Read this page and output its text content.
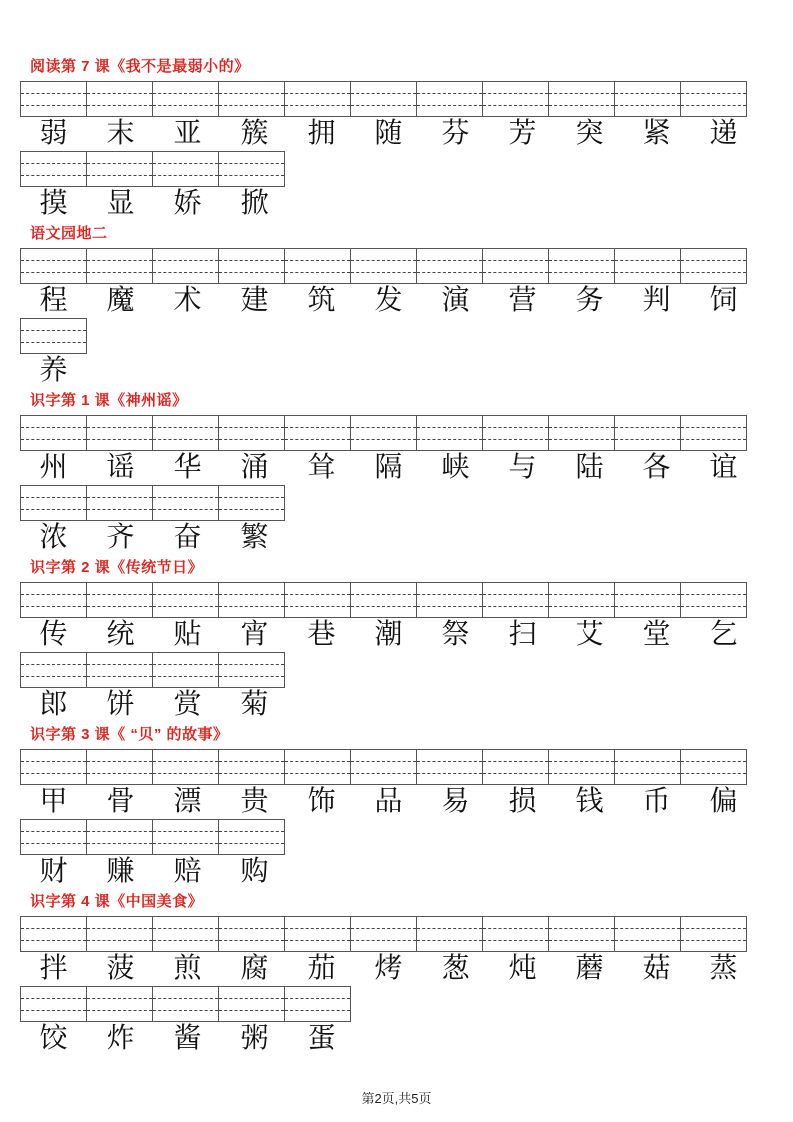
阅读第 7 课《我不是最弱小的》
弱	末	亚	簇	拥	随	芬	芳	突	紧	递
摸	显	娇	掀
语文园地二
程	魔	术	建	筑	发	演	营	务	判	饲
养
识字第 1 课《神州谣》
州	谣	华	涌	耸	隔	峡	与	陆	各	谊
浓	齐	奋	繁
识字第 2 课《传统节日》
传	统	贴	宵	巷	潮	祭	扫	艾	堂	乞
郎	饼	赏	菊
识字第 3 课《 “贝” 的故事》
甲	骨	漂	贵	饰	品	易	损	钱	币	偏
财	赚	赔	购
识字第 4 课《中国美食》
拌	菠	煎	腐	茄	烤	葱	炖	蘑	菇	蒸
饺	炸	酱	粥	蛋
第2页,共5页
